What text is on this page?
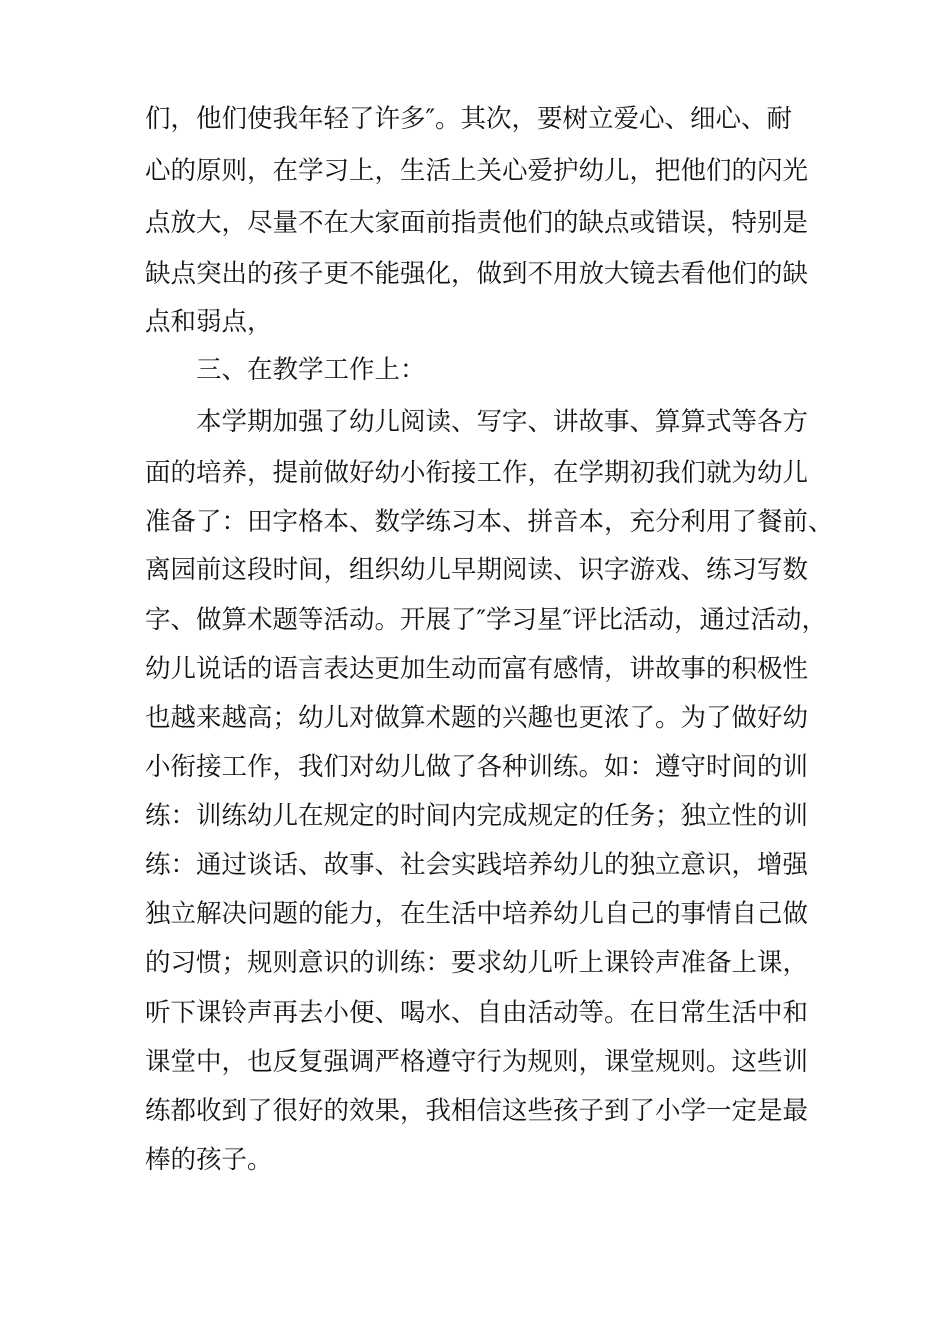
们，他们使我年轻了许多″。其次，要树立爱心、细心、耐
心的原则，在学习上，生活上关心爱护幼儿，把他们的闪光
点放大，尽量不在大家面前指责他们的缺点或错误，特别是
缺点突出的孩子更不能强化，做到不用放大镜去看他们的缺
点和弱点，
三、在教学工作上：
本学期加强了幼儿阅读、写字、讲故事、算算式等各方
面的培养，提前做好幼小衔接工作，在学期初我们就为幼儿
准备了：田字格本、数学练习本、拼音本，充分利用了餐前、
离园前这段时间，组织幼儿早期阅读、识字游戏、练习写数
字、做算术题等活动。开展了″学习星″评比活动，通过活动，
幼儿说话的语言表达更加生动而富有感情，讲故事的积极性
也越来越高；幼儿对做算术题的兴趣也更浓了。为了做好幼
小衔接工作，我们对幼儿做了各种训练。如：遵守时间的训
练：训练幼儿在规定的时间内完成规定的任务；独立性的训
练：通过谈话、故事、社会实践培养幼儿的独立意识，增强
独立解决问题的能力，在生活中培养幼儿自己的事情自己做
的习惯；规则意识的训练：要求幼儿听上课铃声准备上课，
听下课铃声再去小便、喝水、自由活动等。在日常生活中和
课堂中，也反复强调严格遵守行为规则，课堂规则。这些训
练都收到了很好的效果，我相信这些孩子到了小学一定是最
棒的孩子。
